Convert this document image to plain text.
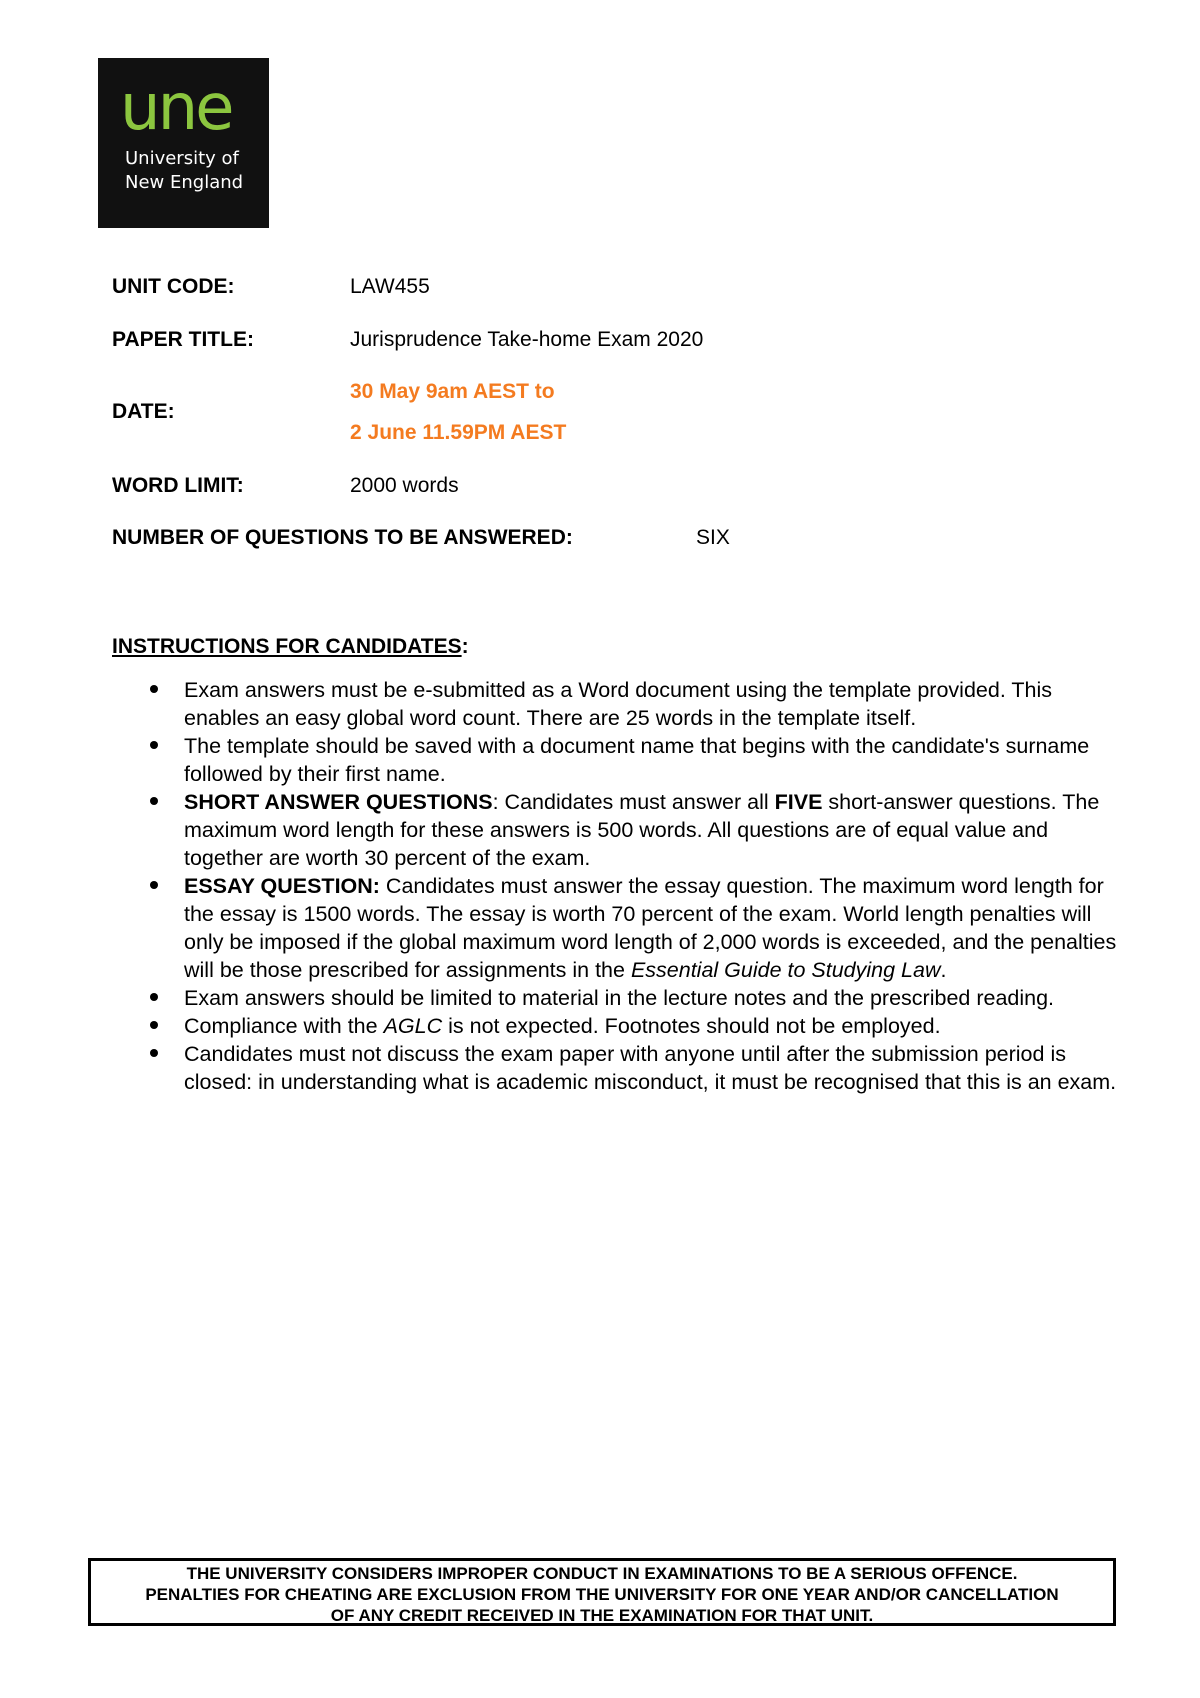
une
University of
New England
UNIT CODE:	LAW455
PAPER TITLE:	Jurisprudence Take-home Exam 2020
DATE:
30 May 9am AEST to
2 June 11.59PM AEST
WORD LIMIT:	2000 words
NUMBER OF QUESTIONS TO BE ANSWERED:	SIX
INSTRUCTIONS FOR CANDIDATES:
Exam answers must be e-submitted as a Word document using the template provided. This enables an easy global word count. There are 25 words in the template itself.
The template should be saved with a document name that begins with the candidate's surname followed by their first name.
SHORT ANSWER QUESTIONS: Candidates must answer all FIVE short-answer questions. The maximum word length for these answers is 500 words. All questions are of equal value and together are worth 30 percent of the exam.
ESSAY QUESTION: Candidates must answer the essay question. The maximum word length for the essay is 1500 words. The essay is worth 70 percent of the exam. World length penalties will only be imposed if the global maximum word length of 2,000 words is exceeded, and the penalties will be those prescribed for assignments in the Essential Guide to Studying Law.
Exam answers should be limited to material in the lecture notes and the prescribed reading.
Compliance with the AGLC is not expected. Footnotes should not be employed.
Candidates must not discuss the exam paper with anyone until after the submission period is closed: in understanding what is academic misconduct, it must be recognised that this is an exam.
THE UNIVERSITY CONSIDERS IMPROPER CONDUCT IN EXAMINATIONS TO BE A SERIOUS OFFENCE.
PENALTIES FOR CHEATING ARE EXCLUSION FROM THE UNIVERSITY FOR ONE YEAR AND/OR CANCELLATION
OF ANY CREDIT RECEIVED IN THE EXAMINATION FOR THAT UNIT.
